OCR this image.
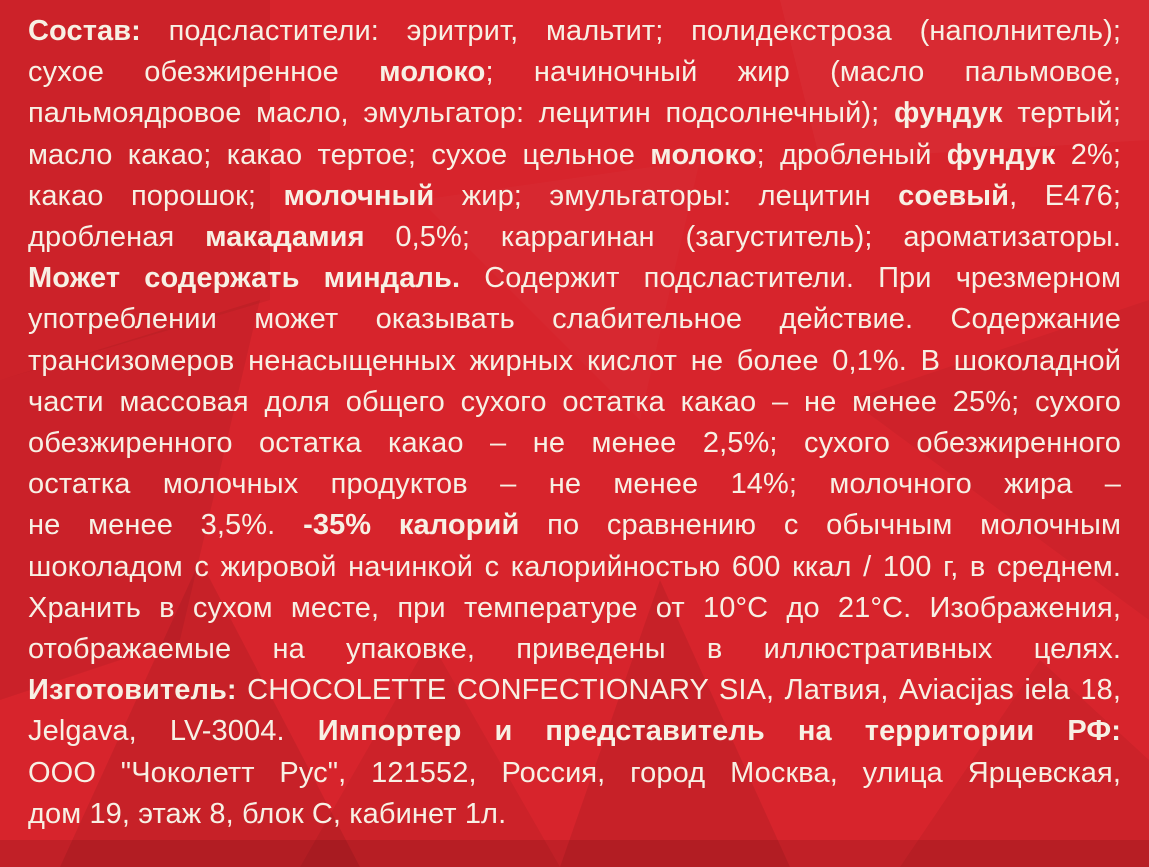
Состав: подсластители: эритрит, мальтит; полидекстроза (наполнитель);
сухое обезжиренное молоко; начиночный жир (масло пальмовое,
пальмоядровое масло, эмульгатор: лецитин подсолнечный); фундук тертый;
масло какао; какао тертое; сухое цельное молоко; дробленый фундук 2%;
какао порошок; молочный жир; эмульгаторы: лецитин соевый, Е476;
дробленая макадамия 0,5%; каррагинан (загуститель); ароматизаторы.
Может содержать миндаль. Содержит подсластители. При чрезмерном
употреблении может оказывать слабительное действие. Содержание
трансизомеров ненасыщенных жирных кислот не более 0,1%. В шоколадной
части массовая доля общего сухого остатка какао – не менее 25%; сухого
обезжиренного остатка какао – не менее 2,5%; сухого обезжиренного
остатка молочных продуктов – не менее 14%; молочного жира –
не менее 3,5%. -35% калорий по сравнению с обычным молочным
шоколадом с жировой начинкой с калорийностью 600 ккал / 100 г, в среднем.
Хранить в сухом месте, при температуре от 10°С до 21°С. Изображения,
отображаемые на упаковке, приведены в иллюстративных целях.
Изготовитель: CHOCOLETTE CONFECTIONARY SIA, Латвия, Aviacijas iela 18,
Jelgava, LV-3004. Импортер и представитель на территории РФ:
ООО "Чоколетт Рус", 121552, Россия, город Москва, улица Ярцевская,
дом 19, этаж 8, блок C, кабинет 1л.
